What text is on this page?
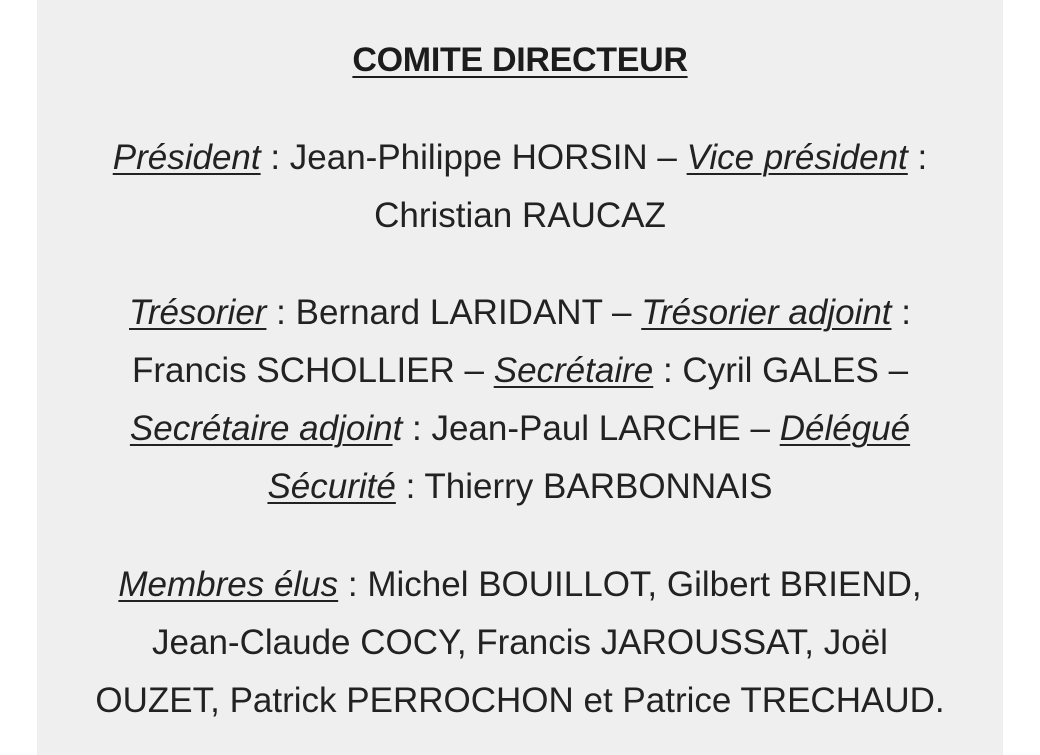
COMITE DIRECTEUR
Président : Jean-Philippe HORSIN – Vice président :
Christian RAUCAZ
Trésorier : Bernard LARIDANT – Trésorier adjoint :
Francis SCHOLLIER – Secrétaire : Cyril GALES –
Secrétaire adjoint : Jean-Paul LARCHE – Délégué
Sécurité : Thierry BARBONNAIS
Membres élus : Michel BOUILLOT, Gilbert BRIEND,
Jean-Claude COCY, Francis JAROUSSAT, Joël
OUZET, Patrick PERROCHON et Patrice TRECHAUD.
